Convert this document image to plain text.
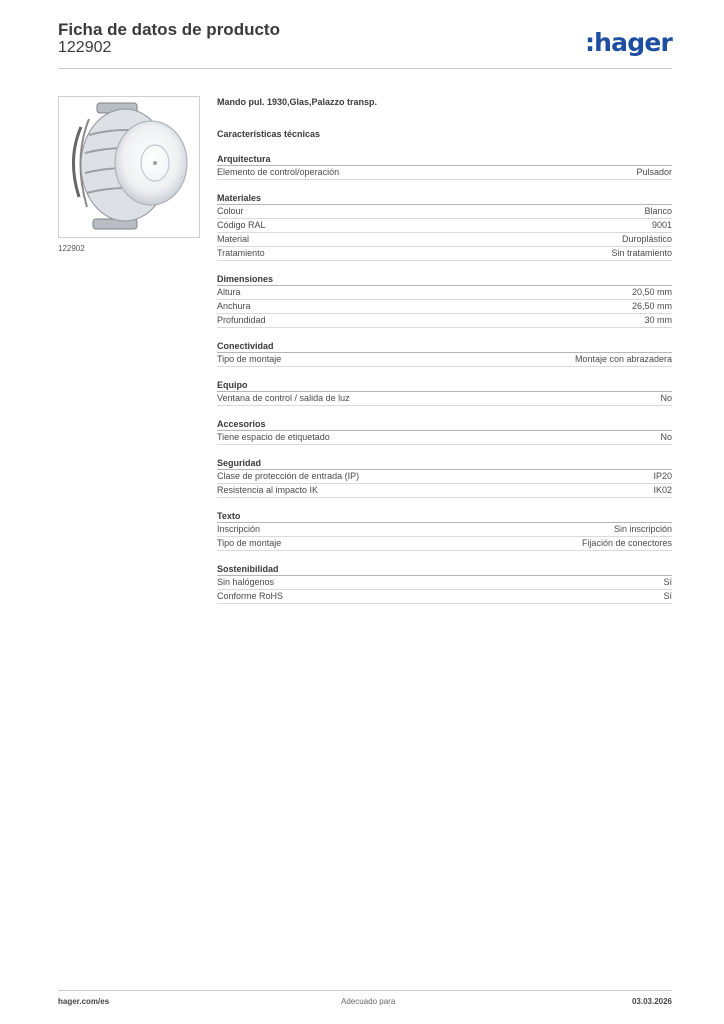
Ficha de datos de producto
122902	:hager
122902
Mando pul. 1930,Glas,Palazzo transp.
Características técnicas
Arquitectura
Elemento de control/operación	Pulsador
Materiales
Colour	Blanco
Código RAL	9001
Material	Duroplástico
Tratamiento	Sin tratamiento
Dimensiones
Altura	20,50 mm
Anchura	26,50 mm
Profundidad	30 mm
Conectividad
Tipo de montaje	Montaje con abrazadera
Equipo
Ventana de control / salida de luz	No
Accesorios
Tiene espacio de etiquetado	No
Seguridad
Clase de protección de entrada (IP)	IP20
Resistencia al impacto IK	IK02
Texto
Inscripción	Sin inscripción
Tipo de montaje	Fijación de conectores
Sostenibilidad
Sin halógenos	Sí
Conforme RoHS	Sí
hager.com/es	Adecuado para	03.03.2026
